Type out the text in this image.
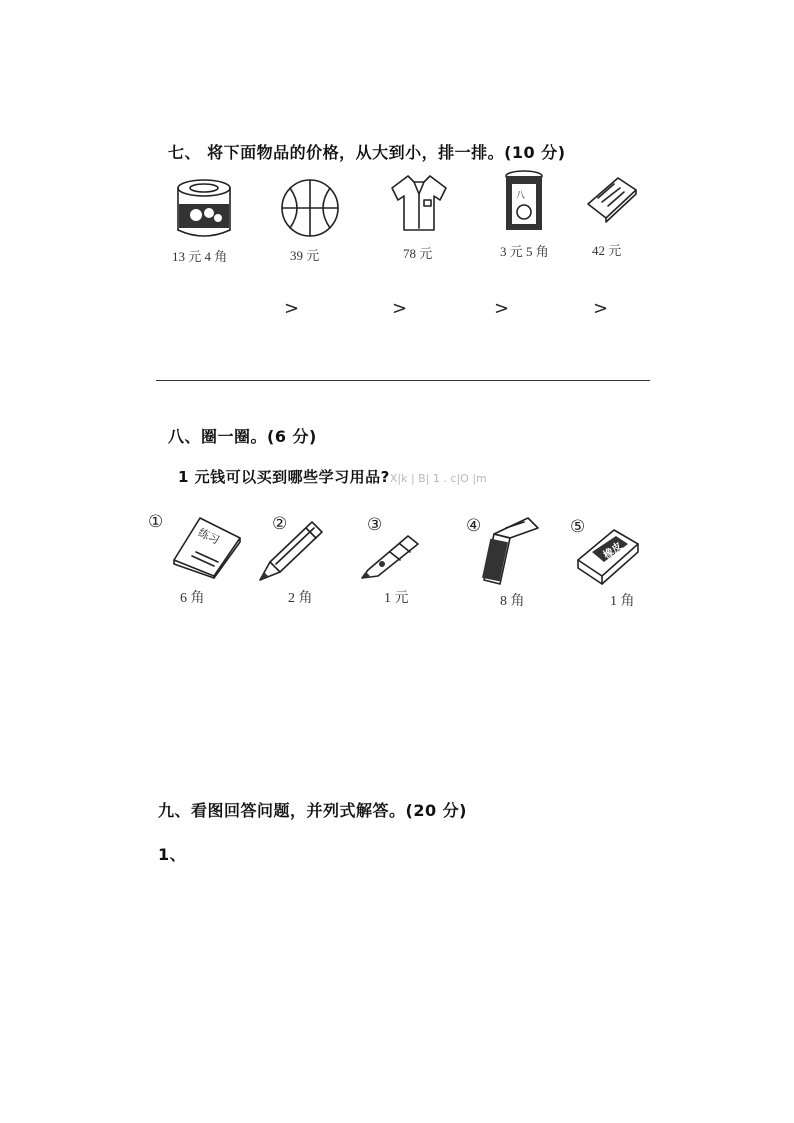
七、 将下面物品的价格，从大到小，排一排。(10 分)
13 元 4 角	39 元	78 元
八
3 元 5 角	42 元
>	>	>	>
八、圈一圈。(6 分)
1 元钱可以买到哪些学习用品?X|k | B| 1 . c|O |m
①
练习
6 角
②
2 角
③
1 元
④
8 角
⑤
橡皮
1 角
九、看图回答问题，并列式解答。(20 分)
1、
